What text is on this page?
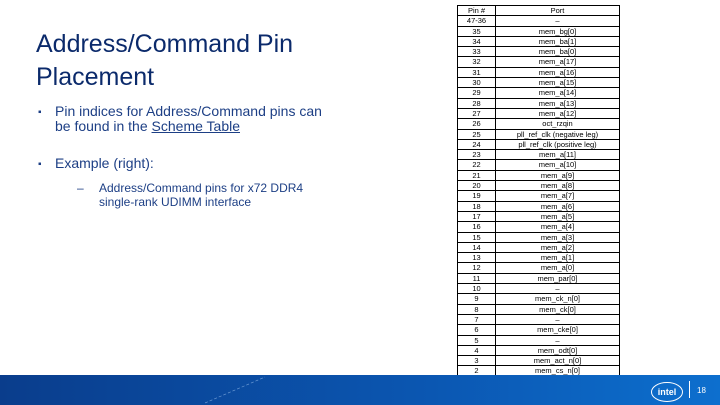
Address/Command Pin Placement
▪ Pin indices for Address/Command pins can be found in the Scheme Table
▪ Example (right):
– Address/Command pins for x72 DDR4 single-rank UDIMM interface
Pin #	Port
47-36	–
35	mem_bg[0]
34	mem_ba[1]
33	mem_ba[0]
32	mem_a[17]
31	mem_a[16]
30	mem_a[15]
29	mem_a[14]
28	mem_a[13]
27	mem_a[12]
26	oct_rzqin
25	pll_ref_clk (negative leg)
24	pll_ref_clk (positive leg)
23	mem_a[11]
22	mem_a[10]
21	mem_a[9]
20	mem_a[8]
19	mem_a[7]
18	mem_a[6]
17	mem_a[5]
16	mem_a[4]
15	mem_a[3]
14	mem_a[2]
13	mem_a[1]
12	mem_a[0]
11	mem_par[0]
10	–
9	mem_ck_n[0]
8	mem_ck[0]
7	–
6	mem_cke[0]
5	–
4	mem_odt[0]
3	mem_act_n[0]
2	mem_cs_n[0]

intel	18
